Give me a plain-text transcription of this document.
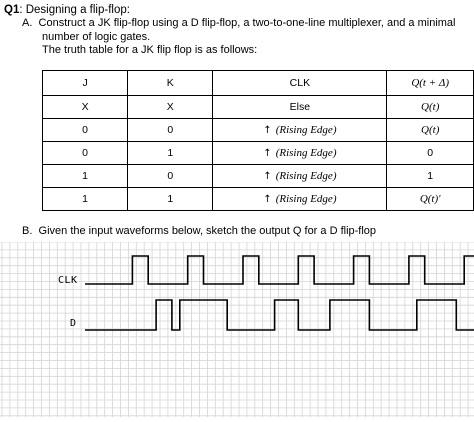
Q1: Designing a flip-flop:
A. Construct a JK flip-flop using a D flip-flop, a two-to-one-line multiplexer, and a minimal
number of logic gates.
The truth table for a JK flip flop is as follows:
J	K	CLK	Q(t + Δ)
X	X	Else	Q(t)
0	0	↑ (Rising Edge)	Q(t)
0	1	↑ (Rising Edge)	0
1	0	↑ (Rising Edge)	1
1	1	↑ (Rising Edge)	Q(t)′
B. Given the input waveforms below, sketch the output Q for a D flip-flop
CLK
D
